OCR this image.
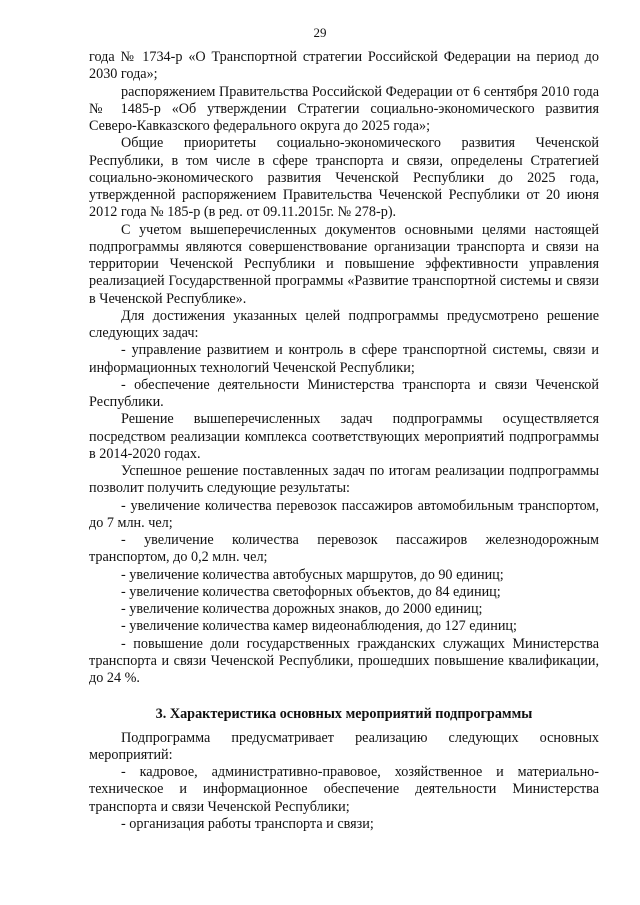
29

года № 1734-р «О Транспортной стратегии Российской Федерации на период до 2030 года»;

распоряжением Правительства Российской Федерации от 6 сентября 2010 года № 1485-р «Об утверждении Стратегии социально-экономического развития Северо-Кавказского федерального округа до 2025 года»;

Общие приоритеты социально-экономического развития Чеченской Республики, в том числе в сфере транспорта и связи, определены Стратегией социально-экономического развития Чеченской Республики до 2025 года, утвержденной распоряжением Правительства Чеченской Республики от 20 июня 2012 года № 185-р (в ред. от 09.11.2015г. № 278-р).

С учетом вышеперечисленных документов основными целями настоящей подпрограммы являются совершенствование организации транспорта и связи на территории Чеченской Республики и повышение эффективности управления реализацией Государственной программы «Развитие транспортной системы и связи в Чеченской Республике».

Для достижения указанных целей подпрограммы предусмотрено решение следующих задач:

- управление развитием и контроль в сфере транспортной системы, связи и информационных технологий Чеченской Республики;

- обеспечение деятельности Министерства транспорта и связи Чеченской Республики.

Решение вышеперечисленных задач подпрограммы осуществляется посредством реализации комплекса соответствующих мероприятий подпрограммы в 2014-2020 годах.

Успешное решение поставленных задач по итогам реализации подпрограммы позволит получить следующие результаты:

- увеличение количества перевозок пассажиров автомобильным транспортом, до 7 млн. чел;

- увеличение количества перевозок пассажиров железнодорожным транспортом, до 0,2 млн. чел;

- увеличение количества автобусных маршрутов, до 90 единиц;

- увеличение количества светофорных объектов, до 84 единиц;

- увеличение количества дорожных знаков, до 2000 единиц;

- увеличение количества камер видеонаблюдения, до 127 единиц;

- повышение доли государственных гражданских служащих Министерства транспорта и связи Чеченской Республики, прошедших повышение квалификации, до 24 %.

3. Характеристика основных мероприятий подпрограммы

Подпрограмма предусматривает реализацию следующих основных мероприятий:

- кадровое, административно-правовое, хозяйственное и материально-техническое и информационное обеспечение деятельности Министерства транспорта и связи Чеченской Республики;

- организация работы транспорта и связи;
